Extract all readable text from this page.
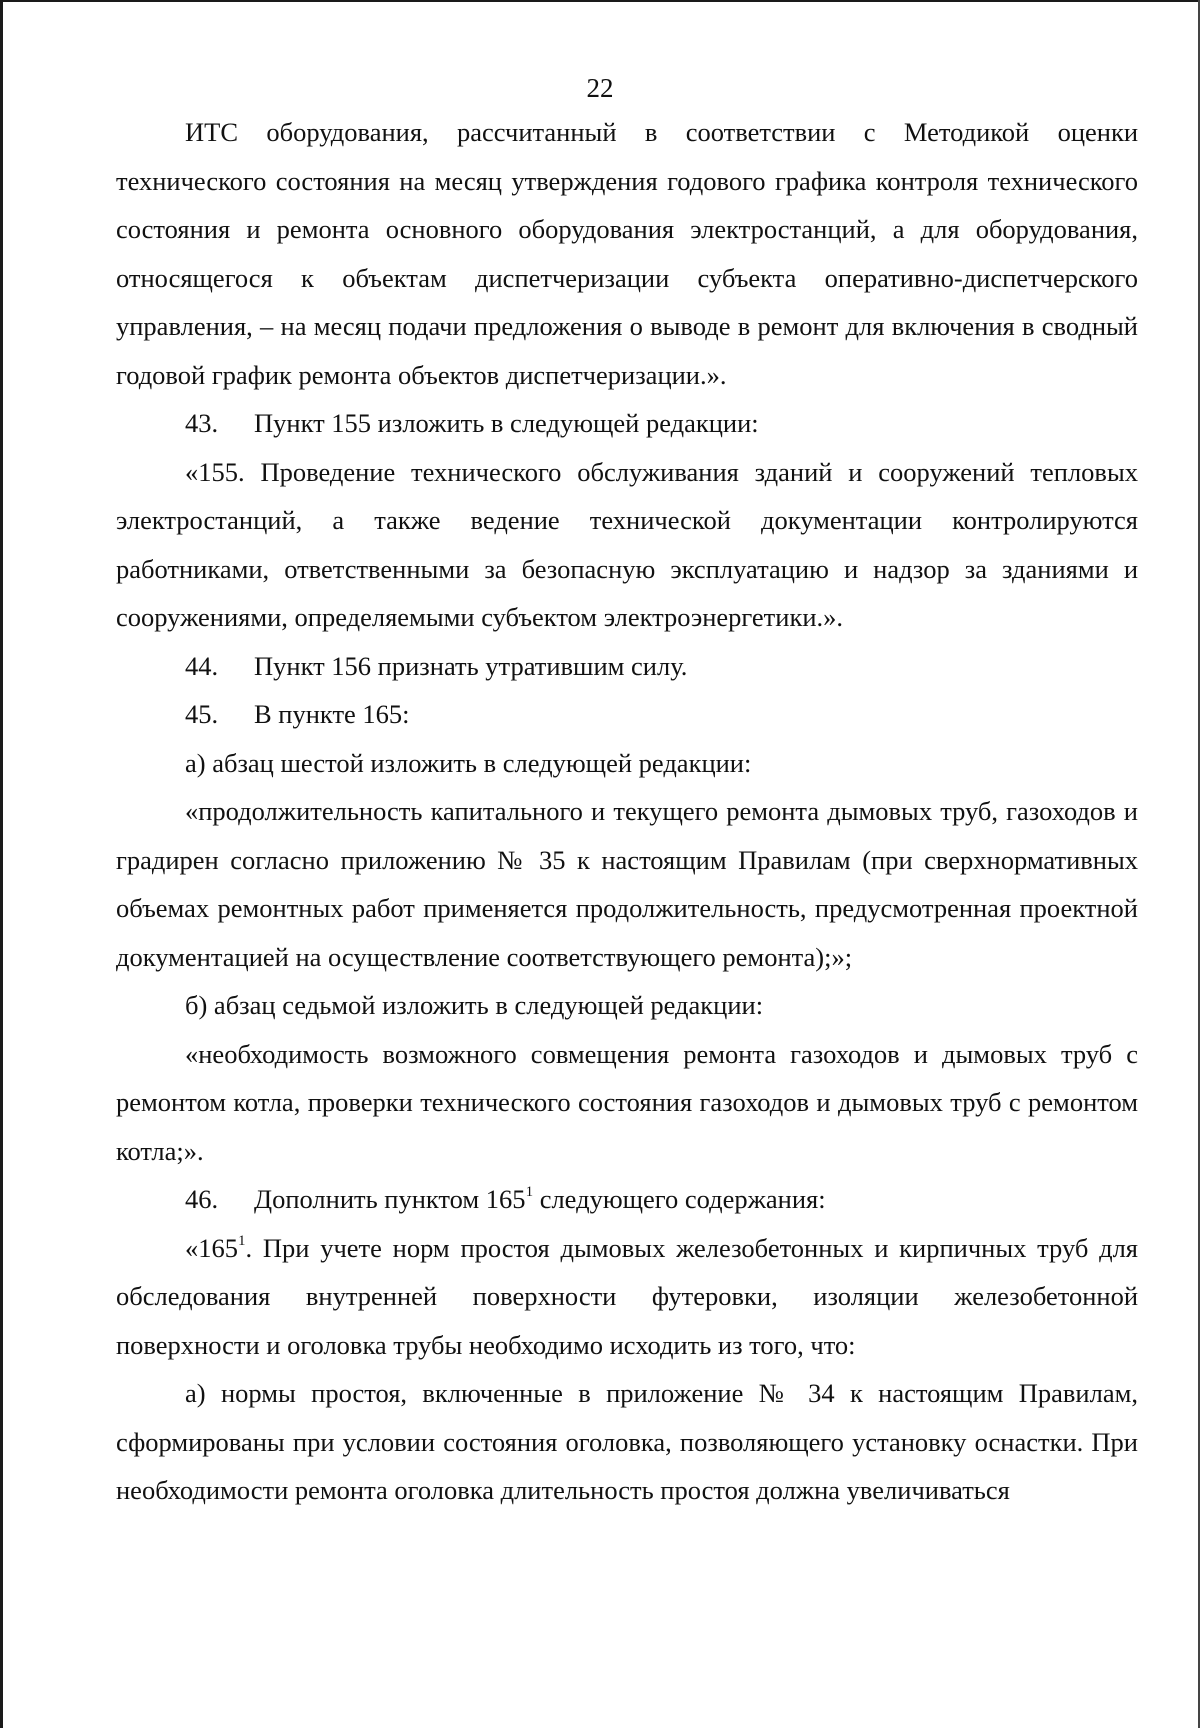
22

ИТС оборудования, рассчитанный в соответствии с Методикой оценки технического состояния на месяц утверждения годового графика контроля технического состояния и ремонта основного оборудования электростанций, а для оборудования, относящегося к объектам диспетчеризации субъекта оперативно-диспетчерского управления, – на месяц подачи предложения о выводе в ремонт для включения в сводный годовой график ремонта объектов диспетчеризации.».

43. Пункт 155 изложить в следующей редакции:

«155. Проведение технического обслуживания зданий и сооружений тепловых электростанций, а также ведение технической документации контролируются работниками, ответственными за безопасную эксплуатацию и надзор за зданиями и сооружениями, определяемыми субъектом электроэнергетики.».

44. Пункт 156 признать утратившим силу.

45. В пункте 165:

а) абзац шестой изложить в следующей редакции:

«продолжительность капитального и текущего ремонта дымовых труб, газоходов и градирен согласно приложению № 35 к настоящим Правилам (при сверхнормативных объемах ремонтных работ применяется продолжительность, предусмотренная проектной документацией на осуществление соответствующего ремонта);»;

б) абзац седьмой изложить в следующей редакции:

«необходимость возможного совмещения ремонта газоходов и дымовых труб с ремонтом котла, проверки технического состояния газоходов и дымовых труб с ремонтом котла;».

46. Дополнить пунктом $165^1$ следующего содержания:

«$165^1$. При учете норм простоя дымовых железобетонных и кирпичных труб для обследования внутренней поверхности футеровки, изоляции железобетонной поверхности и оголовка трубы необходимо исходить из того, что:

а) нормы простоя, включенные в приложение № 34 к настоящим Правилам, сформированы при условии состояния оголовка, позволяющего установку оснастки. При необходимости ремонта оголовка длительность простоя должна увеличиваться
